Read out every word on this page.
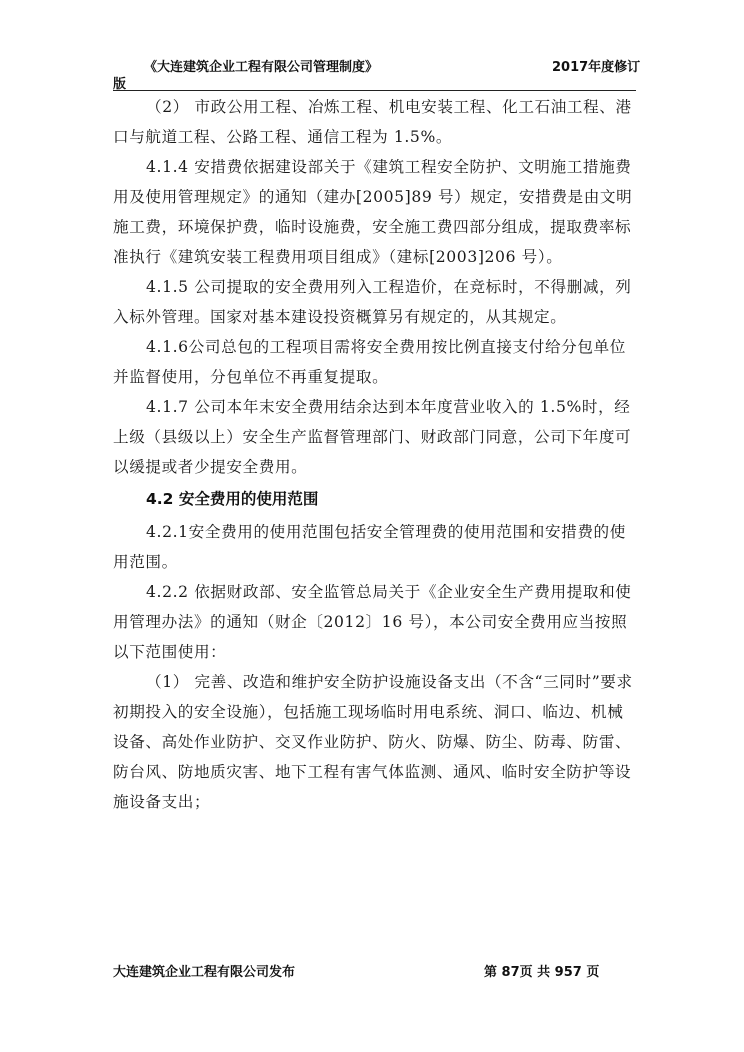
《大连建筑企业工程有限公司管理制度》	2017年度修订
版

（2） 市政公用工程、冶炼工程、机电安装工程、化工石油工程、港口与航道工程、公路工程、通信工程为 1.5%。

4.1.4 安措费依据建设部关于《建筑工程安全防护、文明施工措施费用及使用管理规定》的通知（建办[2005]89 号）规定，安措费是由文明施工费，环境保护费，临时设施费，安全施工费四部分组成，提取费率标准执行《建筑安装工程费用项目组成》（建标[2003]206 号）。

4.1.5 公司提取的安全费用列入工程造价，在竞标时，不得删减，列入标外管理。国家对基本建设投资概算另有规定的，从其规定。

4.1.6公司总包的工程项目需将安全费用按比例直接支付给分包单位并监督使用，分包单位不再重复提取。

4.1.7 公司本年末安全费用结余达到本年度营业收入的 1.5%时，经上级（县级以上）安全生产监督管理部门、财政部门同意，公司下年度可以缓提或者少提安全费用。

4.2 安全费用的使用范围

4.2.1安全费用的使用范围包括安全管理费的使用范围和安措费的使用范围。

4.2.2 依据财政部、安全监管总局关于《企业安全生产费用提取和使用管理办法》的通知（财企〔2012〕16 号），本公司安全费用应当按照以下范围使用：

（1） 完善、改造和维护安全防护设施设备支出（不含“三同时”要求初期投入的安全设施），包括施工现场临时用电系统、洞口、临边、机械设备、高处作业防护、交叉作业防护、防火、防爆、防尘、防毒、防雷、防台风、防地质灾害、地下工程有害气体监测、通风、临时安全防护等设施设备支出；

大连建筑企业工程有限公司发布	第 87页 共 957 页
